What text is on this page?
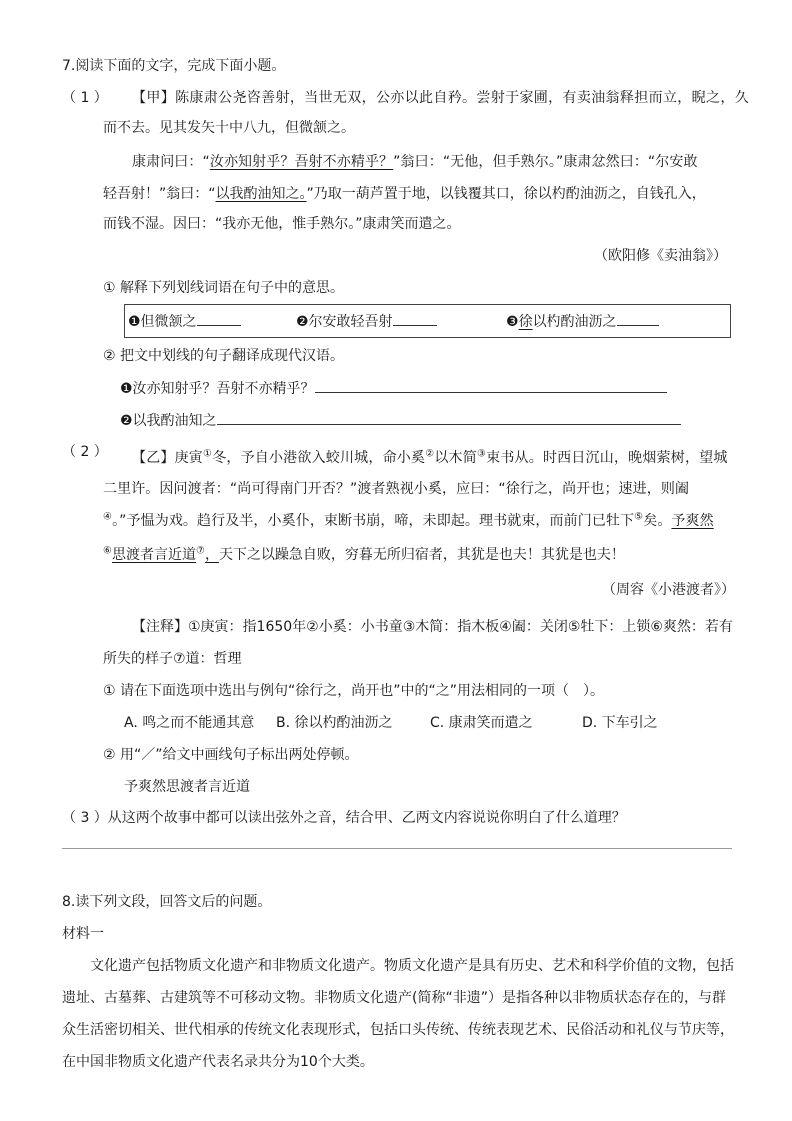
7.阅读下面的文字，完成下面小题。
（ 1 ） 【甲】陈康肃公尧咨善射，当世无双，公亦以此自矜。尝射于家圃，有卖油翁释担而立，睨之，久
而不去。见其发矢十中八九，但微颔之。
康肃问曰：“汝亦知射乎？吾射不亦精乎？”翁曰：“无他，但手熟尔。”康肃忿然曰：“尔安敢
轻吾射！”翁曰：“以我酌油知之。”乃取一葫芦置于地，以钱覆其口，徐以杓酌油沥之，自钱孔入，
而钱不湿。因曰：“我亦无他，惟手熟尔。”康肃笑而遣之。
（欧阳修《卖油翁》）
① 解释下列划线词语在句子中的意思。
❶但微颔之	❷尔安敢轻吾射	❸徐以杓酌油沥之
② 把文中划线的句子翻译成现代汉语。
❶汝亦知射乎？吾射不亦精乎？
❷以我酌油知之
（ 2 ） 【乙】庚寅①冬，予自小港欲入蛟川城，命小奚②以木简③束书从。时西日沉山，晚烟萦树，望城
二里许。因问渡者：“尚可得南门开否？”渡者熟视小奚，应曰：“徐行之，尚开也；速进，则阖
④。”予愠为戏。趋行及半，小奚仆，束断书崩，啼，未即起。理书就束，而前门已牡下⑤矣。予爽然
⑥思渡者言近道⑦，天下之以躁急自败，穷暮无所归宿者，其犹是也夫！其犹是也夫！
（周容《小港渡者》）
【注释】①庚寅：指1650年②小奚：小书童③木简：指木板④阖：关闭⑤牡下：上锁⑥爽然：若有
所失的样子⑦道：哲理
① 请在下面选项中选出与例句“徐行之，尚开也”中的“之”用法相同的一项（　）。
A. 鸣之而不能通其意 B. 徐以杓酌油沥之	C. 康肃笑而遣之	D. 下车引之
② 用“／”给文中画线句子标出两处停顿。
予爽然思渡者言近道
（ 3 ）从这两个故事中都可以读出弦外之音，结合甲、乙两文内容说说你明白了什么道理？
8.读下列文段，回答文后的问题。
材料一
文化遗产包括物质文化遗产和非物质文化遗产。物质文化遗产是具有历史、艺术和科学价值的文物，包括
遗址、古墓葬、古建筑等不可移动文物。非物质文化遗产(简称“非遗”）是指各种以非物质状态存在的，与群
众生活密切相关、世代相承的传统文化表现形式，包括口头传统、传统表现艺术、民俗活动和礼仪与节庆等，
在中国非物质文化遗产代表名录共分为10个大类。
